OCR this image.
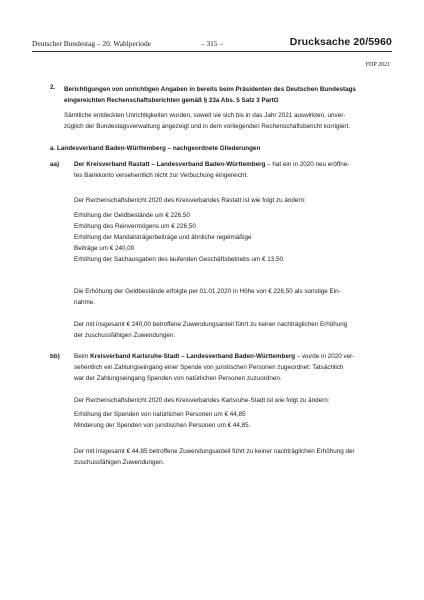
Deutscher Bundestag – 20. Wahlperiode	– 315 –	Drucksache 20/5960
FDP 2021
2. Berichtigungen von unrichtigen Angaben in bereits beim Präsidenten des Deutschen Bundestags
eingereichten Rechenschaftsberichten gemäß § 23a Abs. 5 Satz 3 PartG
Sämtliche entdeckten Unrichtigkeiten wurden, soweit sie sich bis in das Jahr 2021 auswirkten, unver-
züglich der Bundestagsverwaltung angezeigt und in dem vorliegenden Rechenschaftsbericht korrigiert.
a. Landesverband Baden-Württemberg – nachgeordnete Gliederungen
aa) Der Kreisverband Rastatt – Landesverband Baden-Württemberg – hat ein in 2020 neu eröffne-
tes Bankkonto versehentlich nicht zur Verbuchung eingereicht.
Der Rechenschaftsbericht 2020 des Kreisverbandes Rastatt ist wie folgt zu ändern:
Erhöhung der Geldbestände um € 226,50
Erhöhung des Reinvermögens um € 226,50
Erhöhung der Mandatsträgerbeiträge und ähnliche regelmäßige
Beiträge um € 240,00
Erhöhung der Sachausgaben des laufenden Geschäftsbetriebs um € 13,50.
Die Erhöhung der Geldbestände erfolgte per 01.01.2020 in Höhe von € 226,50 als sonstige Ein-
nahme.
Der mit insgesamt € 240,00 betroffene Zuwendungsanteil führt zu keiner nachträglichen Erhöhung
der zuschussfähigen Zuwendungen.
bb) Beim Kreisverband Karlsruhe-Stadt – Landesverband Baden-Württemberg – wurde in 2020 ver-
sehentlich ein Zahlungseingang einer Spende von juristischen Personen zugeordnet. Tatsächlich
war der Zahlungseingang Spenden von natürlichen Personen zuzuordnen.
Der Rechenschaftsbericht 2020 des Kreisverbandes Karlsruhe-Stadt ist wie folgt zu ändern:
Erhöhung der Spenden von natürlichen Personen um € 44,85
Minderung der Spenden von juristischen Personen um € 44,85.
Der mit insgesamt € 44,85 betroffene Zuwendungsanteil führt zu keiner nachträglichen Erhöhung der
zuschussfähigen Zuwendungen.
